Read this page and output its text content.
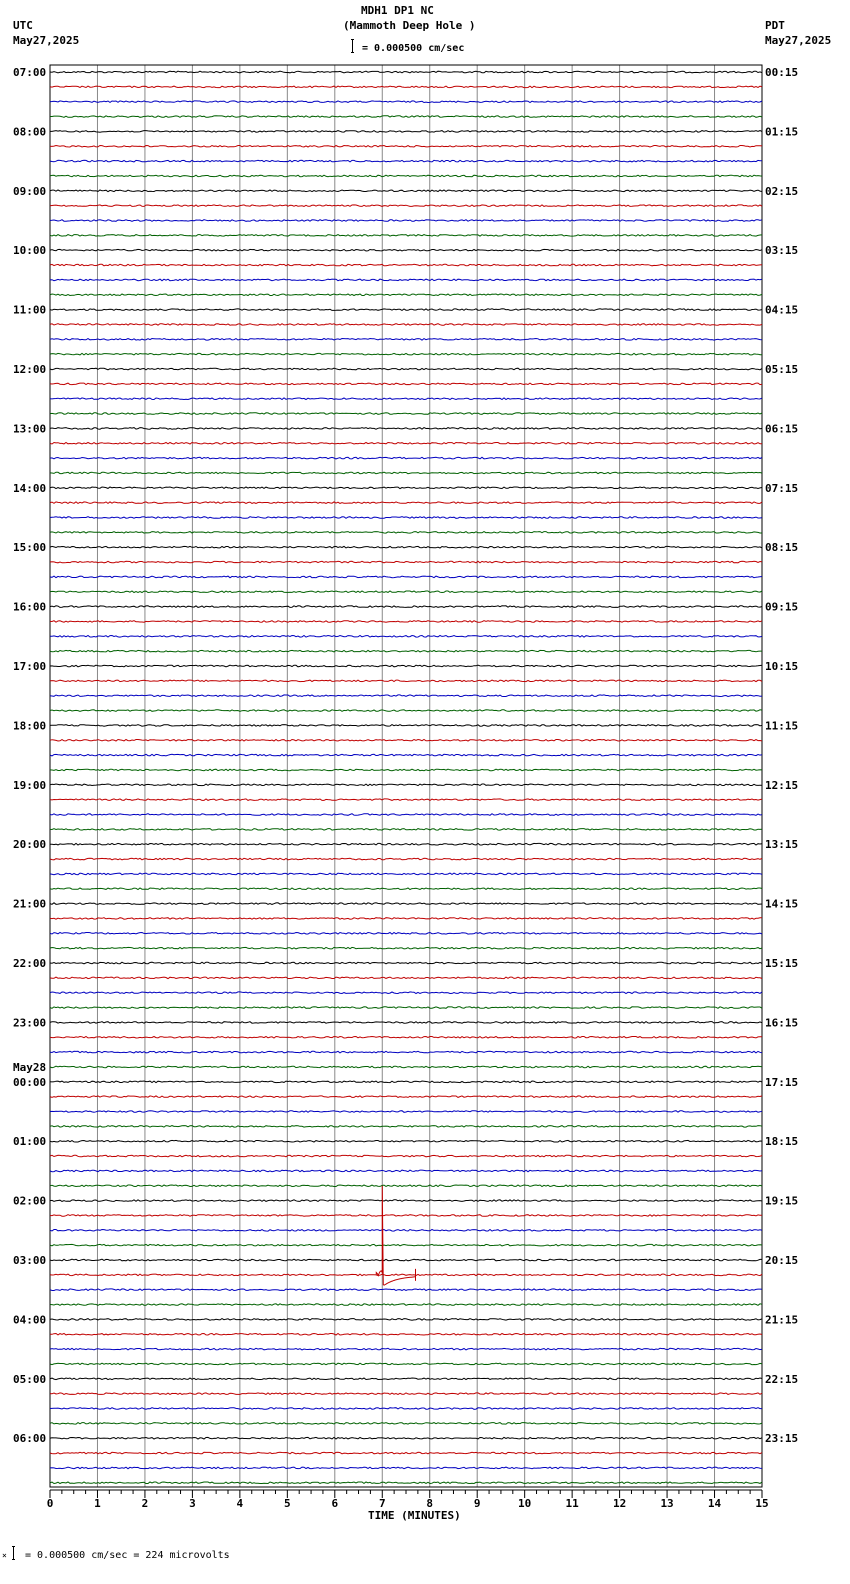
07:00	00:15
08:00	01:15
09:00	02:15
10:00	03:15
11:00	04:15
12:00	05:15
13:00	06:15
14:00	07:15
15:00	08:15
16:00	09:15
17:00	10:15
18:00	11:15
19:00	12:15
20:00	13:15
21:00	14:15
22:00	15:15
23:00	16:15
00:00	17:15
01:00	18:15
02:00	19:15
03:00	20:15
04:00	21:15
05:00	22:15
06:00	23:15
May28
0	1	2	3	4	5	6	7	8	9	10	11	12	13	14	15
MDH1 DP1 NC
(Mammoth Deep Hole )
= 0.000500 cm/sec
UTC
May27,2025
PDT
May27,2025
TIME (MINUTES)
× = 0.000500 cm/sec = 224 microvolts
